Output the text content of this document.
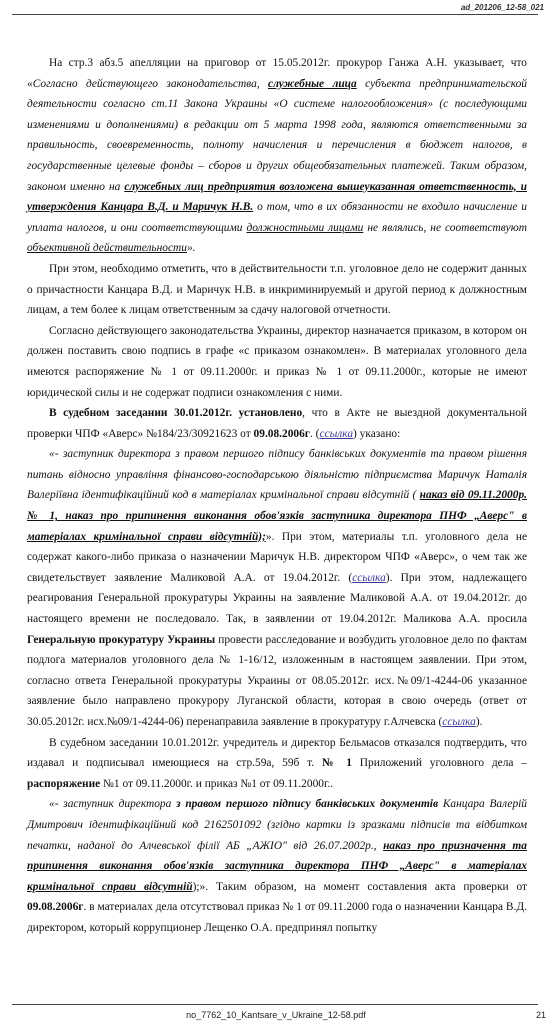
ad_201206_12-58_021

На стр.3 абз.5 апелляции на приговор от 15.05.2012г. прокурор Ганжа А.Н. указывает, что «Согласно действующего законодательства, служебные лица субъекта предпринимательской деятельности согласно ст.11 Закона Украины «О системе налогообложения» (с последующими изменениями и дополнениями) в редакции от 5 марта 1998 года, являются ответственными за правильность, своевременность, полноту начисления и перечисления в бюджет налогов, в государственные целевые фонды – сборов и других общеобязательных платежей. Таким образом, законом именно на служебных лиц предприятия возложена вышеуказанная ответственность, и утверждения Канцара В.Д. и Маричук Н.В. о том, что в их обязанности не входило начисление и уплата налогов, и они соответствующими должностными лицами не являлись, не соответствуют объективной действительности».

При этом, необходимо отметить, что в действительности т.п. уголовное дело не содержит данных о причастности Канцара В.Д. и Маричук Н.В. в инкриминируемый и другой период к должностным лицам, а тем более к лицам ответственным за сдачу налоговой отчетности.

Согласно действующего законодательства Украины, директор назначается приказом, в котором он должен поставить свою подпись в графе «с приказом ознакомлен». В материалах уголовного дела имеются распоряжение № 1 от 09.11.2000г. и приказ № 1 от 09.11.2000г., которые не имеют юридической силы и не содержат подписи ознакомления с ними.

В судебном заседании 30.01.2012г. установлено, что в Акте не выездной документальной проверки ЧПФ «Аверс» №184/23/30921623 от 09.08.2006г. (ссылка) указано:

«- заступник директора з правом першого підпису банківських документів та правом рішення питань відносно управління фінансово-господарською діяльністю підприємства Маричук Наталія Валеріївна ідентифікаційний код в матеріалах кримінальної справи відсутній ( наказ від 09.11.2000р. № 1, наказ про припинення виконання обов'язків заступника директора ПНФ „Аверс" в матеріалах кримінальної справи відсутній);». При этом, материалы т.п. уголовного дела не содержат какого-либо приказа о назначении Маричук Н.В. директором ЧПФ «Аверс», о чем так же свидетельствует заявление Маликовой А.А. от 19.04.2012г. (ссылка). При этом, надлежащего реагирования Генеральной прокуратуры Украины на заявление Маликовой А.А. от 19.04.2012г. до настоящего времени не последовало. Так, в заявлении от 19.04.2012г. Маликова А.А. просила Генеральную прокуратуру Украины провести расследование и возбудить уголовное дело по фактам подлога материалов уголовного дела № 1-16/12, изложенным в настоящем заявлении. При этом, согласно ответа Генеральной прокуратуры Украины от 08.05.2012г. исх.№09/1-4244-06 указанное заявление было направлено прокурору Луганской области, которая в свою очередь (ответ от 30.05.2012г. исх.№09/1-4244-06) перенаправила заявление в прокуратуру г.Алчевска (ссылка).

В судебном заседании 10.01.2012г. учредитель и директор Бельмасов отказался подтвердить, что издавал и подписывал имеющиеся на стр.59а, 59б т. № 1 Приложений уголовного дела – распоряжение №1 от 09.11.2000г. и приказ №1 от 09.11.2000г..

«- заступник директора з правом першого підпису банківських документів Канцара Валерій Дмитрович ідентифікаційний код 2162501092 (згідно картки із зразками підписів та відбитком печатки, наданої до Алчевської філії АБ „АЖІО" від 26.07.2002р., наказ про призначення та припинення виконання обов'язків заступника директора ПНФ „Аверс" в матеріалах кримінальної справи відсутній);». Таким образом, на момент составления акта проверки от 09.08.2006г. в материалах дела отсутствовал приказ № 1 от 09.11.2000 года о назначении Канцара В.Д. директором, который коррупционер Лещенко О.А. предпринял попытку

no_7762_10_Kantsare_v_Ukraine_12-58.pdf	21
